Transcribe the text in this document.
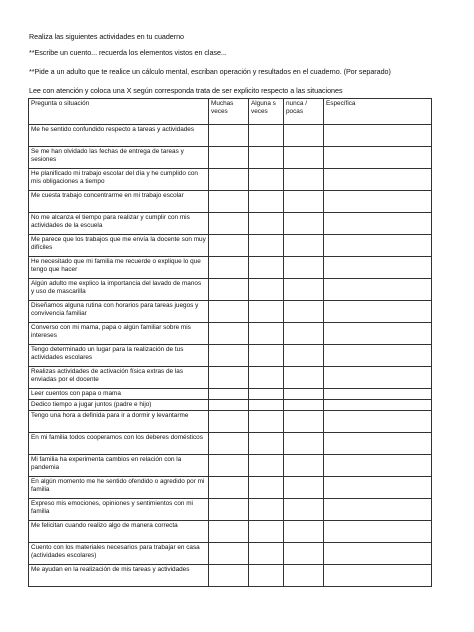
Realiza las siguientes actividades en tu cuaderno
**Escribe un cuento... recuerda los elementos vistos en clase...
**Pide a un adulto que te realice un cálculo mental, escriban operación y resultados en el cuaderno. (Por separado)
Lee con atención y coloca una X según corresponda trata de ser explicito respecto a las situaciones
Pregunta o situación	Muchas veces	Alguna s veces	nunca / pocas	Específica
Me he sentido confundido respecto a tareas y actividades				
Se me han olvidado las fechas de entrega de tareas y sesiones				
He planificado mi trabajo escolar del día y he cumplido con mis obligaciones a tiempo				
Me cuesta trabajo concentrarme en mi trabajo escolar				
No me alcanza el tiempo para realizar y cumplir con mis actividades de la escuela				
Me parece que los trabajos que me envía la docente son muy difíciles				
He necesitado que mi familia me recuerde o explique lo que tengo que hacer				
Algún adulto me explico la importancia del lavado de manos y uso de mascarilla				
Diseñamos alguna rutina con horarios para tareas juegos y convivencia familiar				
Converso con mi mama, papa o algún familiar sobre mis intereses				
Tengo determinado un lugar para la realización de tus actividades escolares				
Realizas actividades de activación física extras de las enviadas por el docente				
Leer cuentos con papa o mama				
Dedico tiempo a jugar juntos (padre e hijo)				
Tengo una hora a definida para ir a dormir y levantarme				
En mi familia todos cooperamos con los deberes domésticos				
Mi familia ha experimenta cambios en relación con la pandemia				
En algún momento me he sentido ofendido o agredido por mi familia				
Expreso mis emociones, opiniones y sentimientos con mi familia				
Me felicitan cuando realizo algo de manera correcta				
Cuento con los materiales necesarios para trabajar en casa (actividades escolares)				
Me ayudan en la realización de mis tareas y actividades				
